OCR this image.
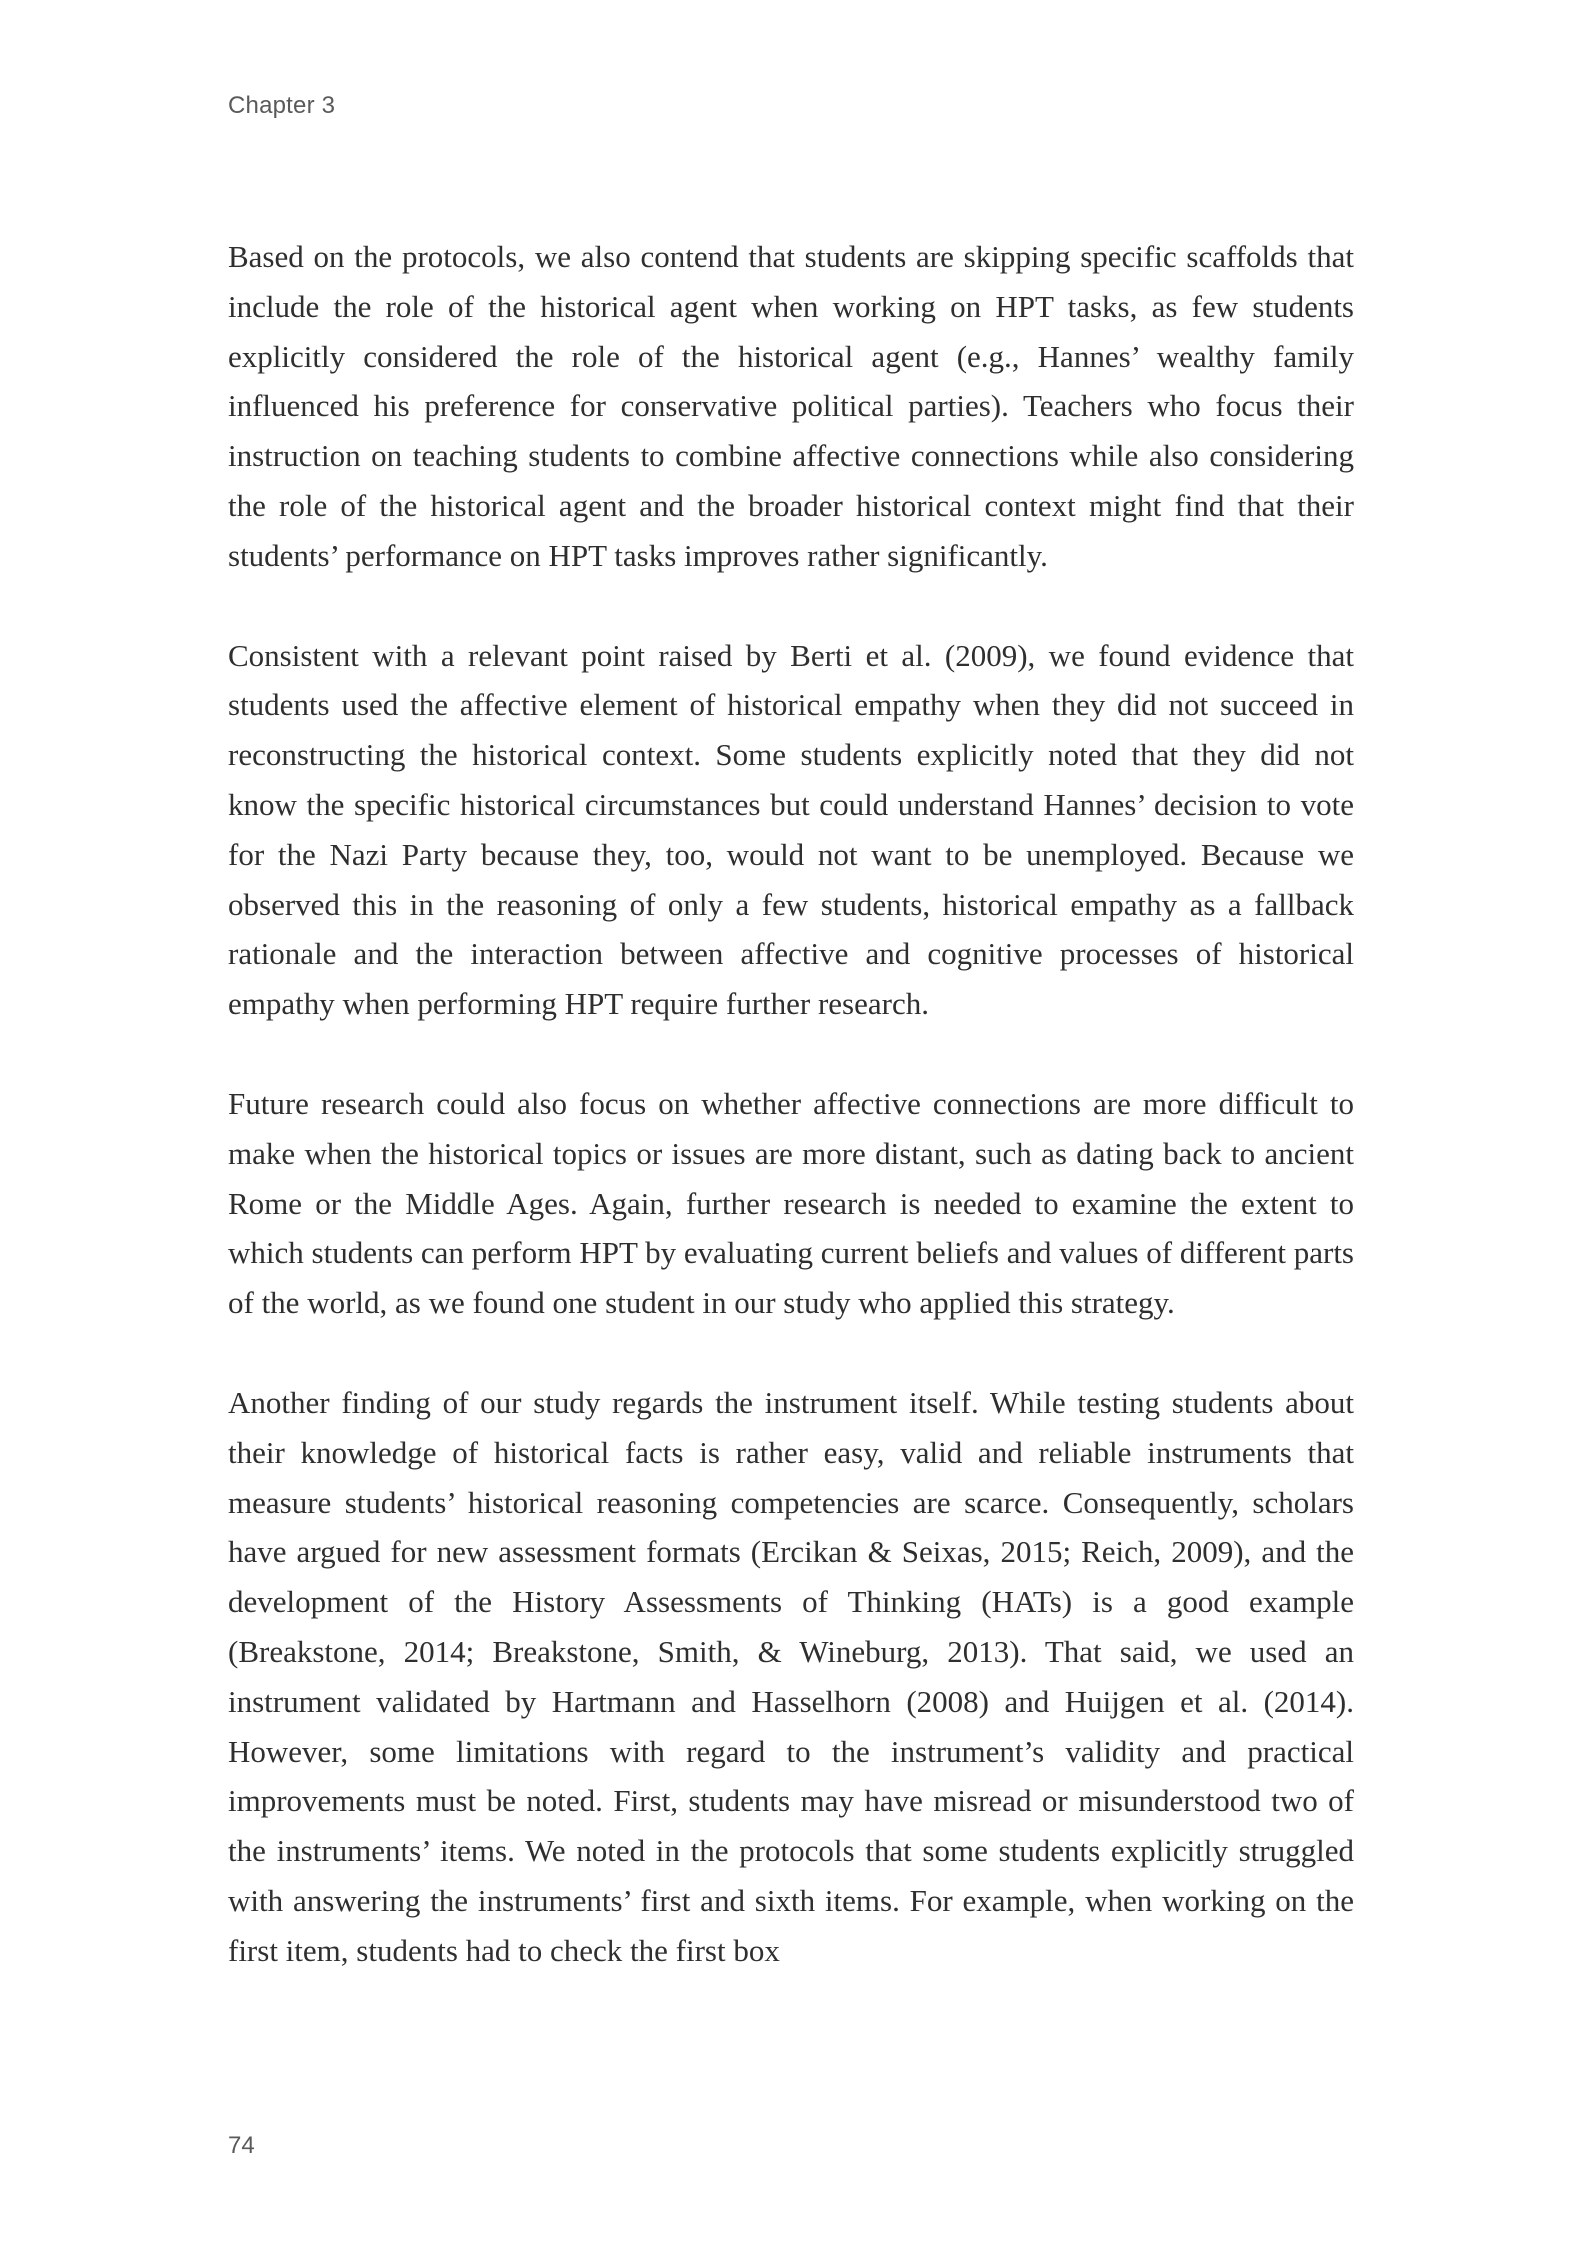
Chapter 3

Based on the protocols, we also contend that students are skipping specific scaffolds that include the role of the historical agent when working on HPT tasks, as few students explicitly considered the role of the historical agent (e.g., Hannes’ wealthy family influenced his preference for conservative political parties). Teachers who focus their instruction on teaching students to combine affective connections while also considering the role of the historical agent and the broader historical context might find that their students’ performance on HPT tasks improves rather significantly.

Consistent with a relevant point raised by Berti et al. (2009), we found evidence that students used the affective element of historical empathy when they did not succeed in reconstructing the historical context. Some students explicitly noted that they did not know the specific historical circumstances but could understand Hannes’ decision to vote for the Nazi Party because they, too, would not want to be unemployed. Because we observed this in the reasoning of only a few students, historical empathy as a fallback rationale and the interaction between affective and cognitive processes of historical empathy when performing HPT require further research.

Future research could also focus on whether affective connections are more difficult to make when the historical topics or issues are more distant, such as dating back to ancient Rome or the Middle Ages. Again, further research is needed to examine the extent to which students can perform HPT by evaluating current beliefs and values of different parts of the world, as we found one student in our study who applied this strategy.

Another finding of our study regards the instrument itself. While testing students about their knowledge of historical facts is rather easy, valid and reliable instruments that measure students’ historical reasoning competencies are scarce. Consequently, scholars have argued for new assessment formats (Ercikan & Seixas, 2015; Reich, 2009), and the development of the History Assessments of Thinking (HATs) is a good example (Breakstone, 2014; Breakstone, Smith, & Wineburg, 2013). That said, we used an instrument validated by Hartmann and Hasselhorn (2008) and Huijgen et al. (2014). However, some limitations with regard to the instrument’s validity and practical improvements must be noted. First, students may have misread or misunderstood two of the instruments’ items. We noted in the protocols that some students explicitly struggled with answering the instruments’ first and sixth items. For example, when working on the first item, students had to check the first box

74
